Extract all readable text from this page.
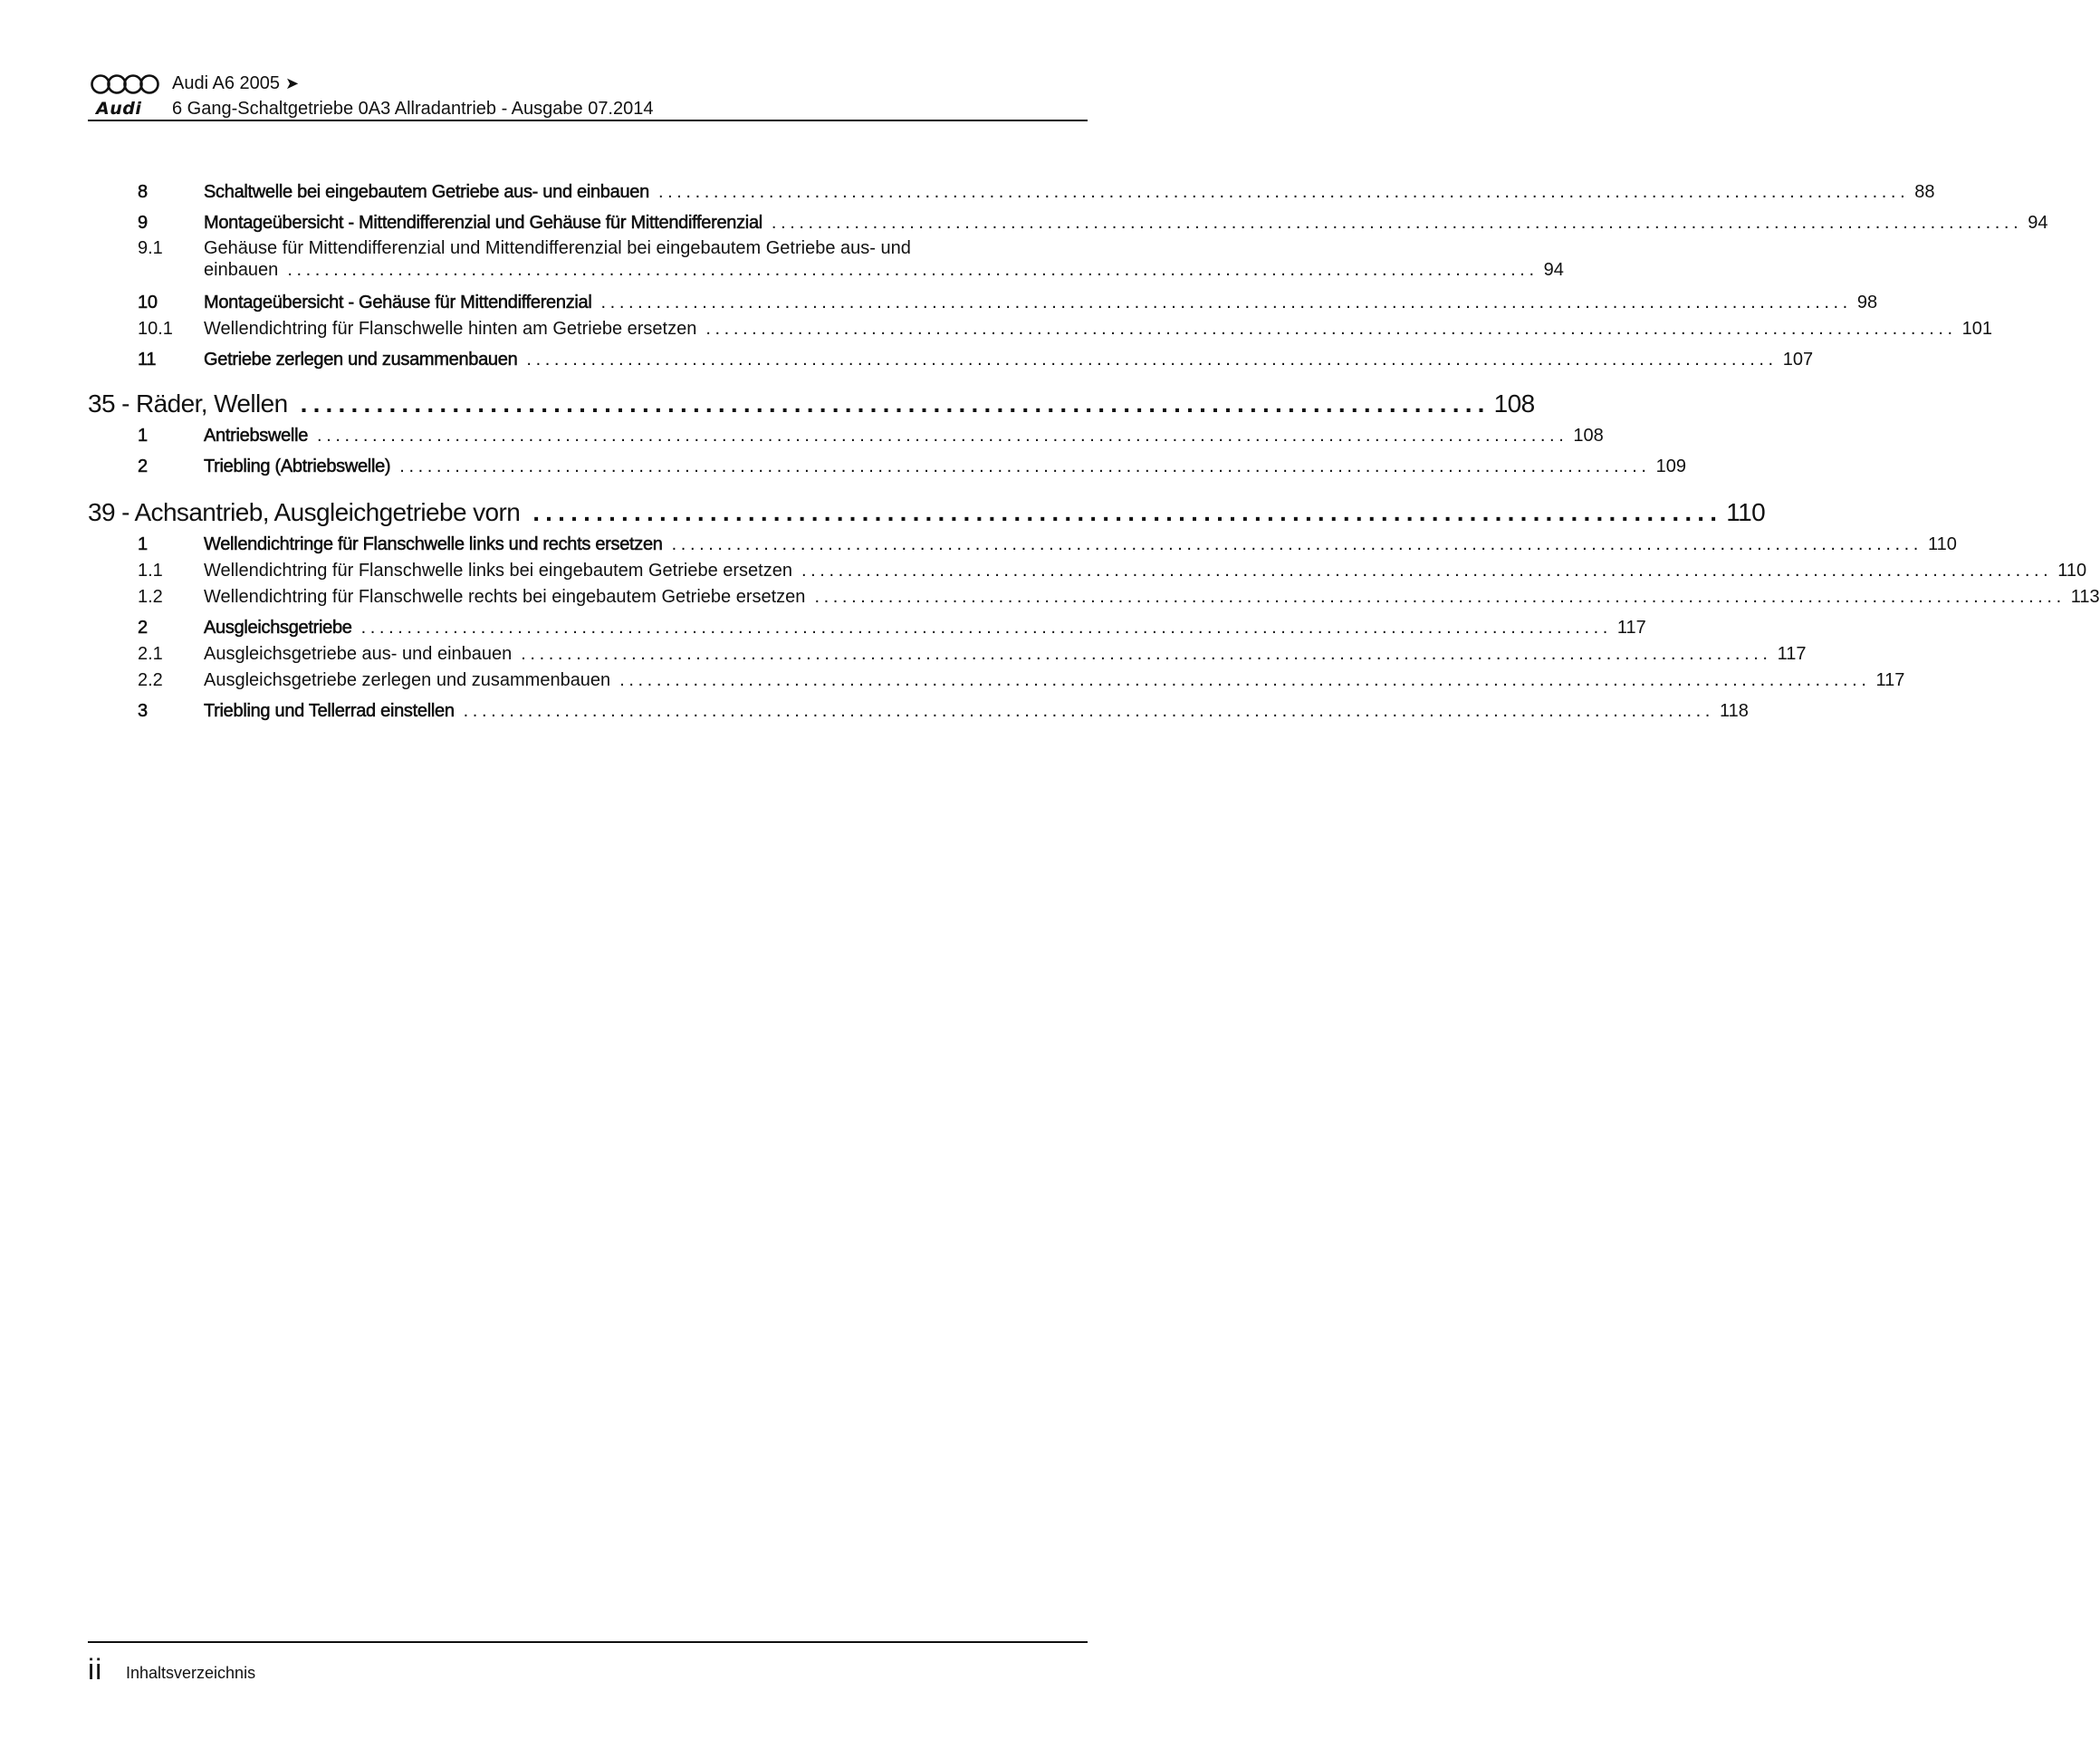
Audi
Audi A6 2005 ➤
6 Gang-Schaltgetriebe 0A3 Allradantrieb - Ausgabe 07.2014
8	Schaltwelle bei eingebautem Getriebe aus- und einbauen ........................................................................................................................................ 88
9	Montageübersicht - Mittendifferenzial und Gehäuse für Mittendifferenzial ........................................................................................................................................ 94
9.1	Gehäuse für Mittendifferenzial und Mittendifferenzial bei eingebautem Getriebe aus- und
einbauen ........................................................................................................................................ 94
10	Montageübersicht - Gehäuse für Mittendifferenzial ........................................................................................................................................ 98
10.1	Wellendichtring für Flanschwelle hinten am Getriebe ersetzen ........................................................................................................................................ 101
11	Getriebe zerlegen und zusammenbauen ........................................................................................................................................ 107
35 - Räder, Wellen .............................................................................................. 108
1	Antriebswelle ........................................................................................................................................ 108
2	Triebling (Abtriebswelle) ........................................................................................................................................ 109
39 - Achsantrieb, Ausgleichgetriebe vorn .............................................................................................. 110
1	Wellendichtringe für Flanschwelle links und rechts ersetzen ........................................................................................................................................ 110
1.1	Wellendichtring für Flanschwelle links bei eingebautem Getriebe ersetzen ........................................................................................................................................ 110
1.2	Wellendichtring für Flanschwelle rechts bei eingebautem Getriebe ersetzen ........................................................................................................................................ 113
2	Ausgleichsgetriebe ........................................................................................................................................ 117
2.1	Ausgleichsgetriebe aus- und einbauen ........................................................................................................................................ 117
2.2	Ausgleichsgetriebe zerlegen und zusammenbauen ........................................................................................................................................ 117
3	Triebling und Tellerrad einstellen ........................................................................................................................................ 118
ii Inhaltsverzeichnis
